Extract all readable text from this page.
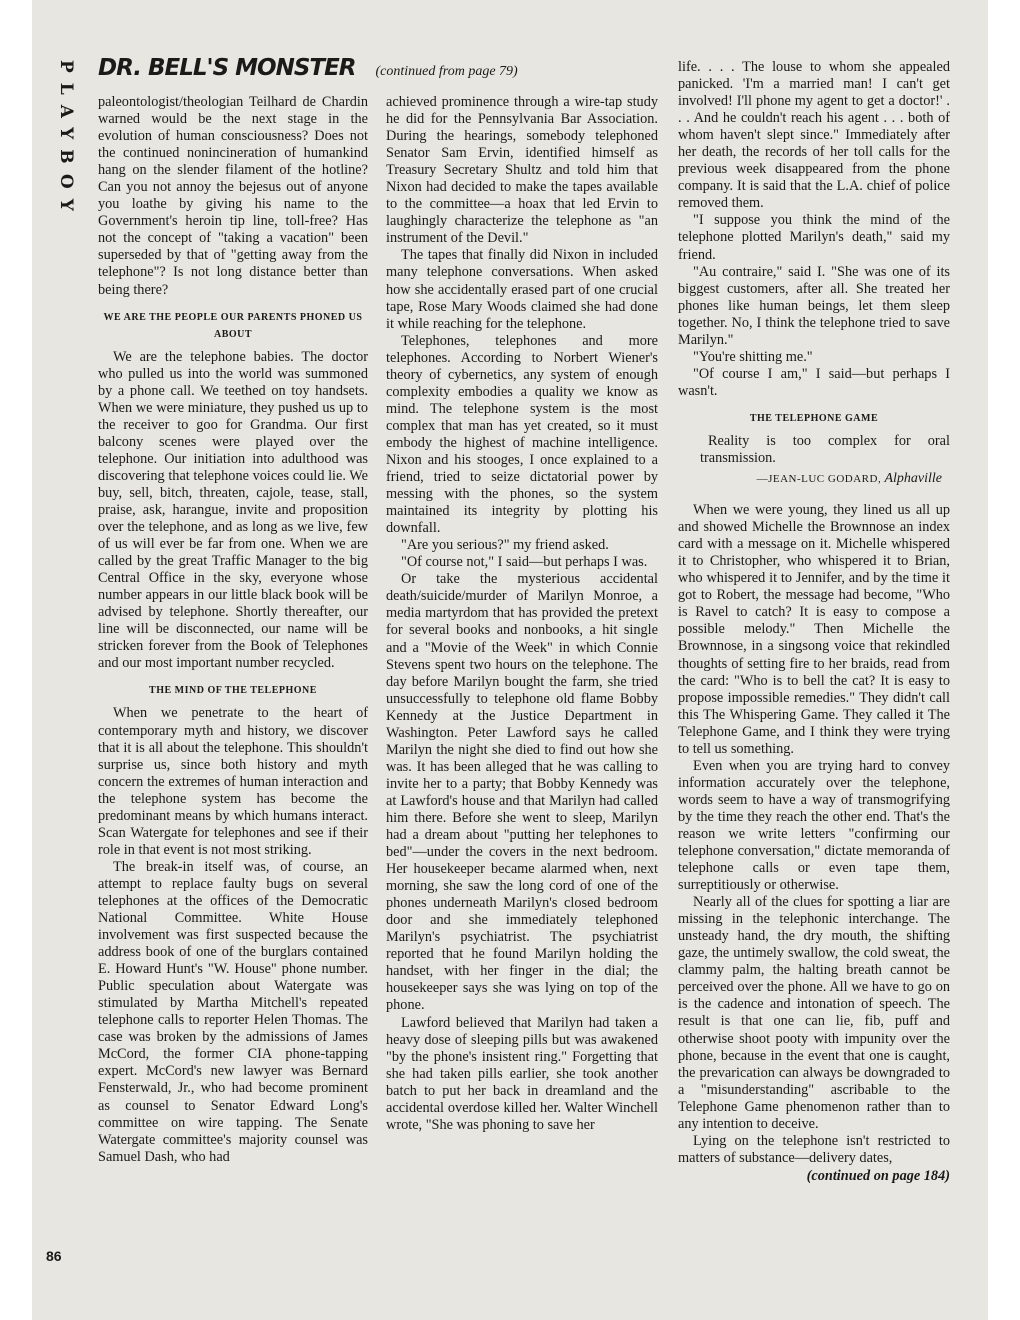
PLAYBOY DR. BELL'S MONSTER (continued from page 79)

paleontologist/theologian Teilhard de Chardin warned would be the next stage in the evolution of human consciousness? Does not the continued nonincineration of humankind hang on the slender filament of the hotline? Can you not annoy the bejesus out of anyone you loathe by giving his name to the Government's heroin tip line, toll-free? Has not the concept of "taking a vacation" been superseded by that of "getting away from the telephone"? Is not long distance better than being there?

WE ARE THE PEOPLE OUR PARENTS PHONED US ABOUT

We are the telephone babies. The doctor who pulled us into the world was summoned by a phone call. We teethed on toy handsets. When we were miniature, they pushed us up to the receiver to goo for Grandma. Our first balcony scenes were played over the telephone. Our initiation into adulthood was discovering that telephone voices could lie. We buy, sell, bitch, threaten, cajole, tease, stall, praise, ask, harangue, invite and proposition over the telephone, and as long as we live, few of us will ever be far from one. When we are called by the great Traffic Manager to the big Central Office in the sky, everyone whose number appears in our little black book will be advised by telephone. Shortly thereafter, our line will be disconnected, our name will be stricken forever from the Book of Telephones and our most important number recycled.

THE MIND OF THE TELEPHONE

When we penetrate to the heart of contemporary myth and history, we discover that it is all about the telephone. This shouldn't surprise us, since both history and myth concern the extremes of human interaction and the telephone system has become the predominant means by which humans interact. Scan Watergate for telephones and see if their role in that event is not most striking.

The break-in itself was, of course, an attempt to replace faulty bugs on several telephones at the offices of the Democratic National Committee. White House involvement was first suspected because the address book of one of the burglars contained E. Howard Hunt's "W. House" phone number. Public speculation about Watergate was stimulated by Martha Mitchell's repeated telephone calls to reporter Helen Thomas. The case was broken by the admissions of James McCord, the former CIA phone-tapping expert. McCord's new lawyer was Bernard Fensterwald, Jr., who had become prominent as counsel to Senator Edward Long's committee on wire tapping. The Senate Watergate committee's majority counsel was Samuel Dash, who had

achieved prominence through a wire-tap study he did for the Pennsylvania Bar Association. During the hearings, somebody telephoned Senator Sam Ervin, identified himself as Treasury Secretary Shultz and told him that Nixon had decided to make the tapes available to the committee—a hoax that led Ervin to laughingly characterize the telephone as "an instrument of the Devil."

The tapes that finally did Nixon in included many telephone conversations. When asked how she accidentally erased part of one crucial tape, Rose Mary Woods claimed she had done it while reaching for the telephone.

Telephones, telephones and more telephones. According to Norbert Wiener's theory of cybernetics, any system of enough complexity embodies a quality we know as mind. The telephone system is the most complex that man has yet created, so it must embody the highest of machine intelligence. Nixon and his stooges, I once explained to a friend, tried to seize dictatorial power by messing with the phones, so the system maintained its integrity by plotting his downfall.

"Are you serious?" my friend asked.

"Of course not," I said—but perhaps I was.

Or take the mysterious accidental death/suicide/murder of Marilyn Monroe, a media martyrdom that has provided the pretext for several books and nonbooks, a hit single and a "Movie of the Week" in which Connie Stevens spent two hours on the telephone. The day before Marilyn bought the farm, she tried unsuccessfully to telephone old flame Bobby Kennedy at the Justice Department in Washington. Peter Lawford says he called Marilyn the night she died to find out how she was. It has been alleged that he was calling to invite her to a party; that Bobby Kennedy was at Lawford's house and that Marilyn had called him there. Before she went to sleep, Marilyn had a dream about "putting her telephones to bed"—under the covers in the next bedroom. Her housekeeper became alarmed when, next morning, she saw the long cord of one of the phones underneath Marilyn's closed bedroom door and she immediately telephoned Marilyn's psychiatrist. The psychiatrist reported that he found Marilyn holding the handset, with her finger in the dial; the housekeeper says she was lying on top of the phone.

Lawford believed that Marilyn had taken a heavy dose of sleeping pills but was awakened "by the phone's insistent ring." Forgetting that she had taken pills earlier, she took another batch to put her back in dreamland and the accidental overdose killed her. Walter Winchell wrote, "She was phoning to save her

life. . . . The louse to whom she appealed panicked. 'I'm a married man! I can't get involved! I'll phone my agent to get a doctor!' . . . And he couldn't reach his agent . . . both of whom haven't slept since." Immediately after her death, the records of her toll calls for the previous week disappeared from the phone company. It is said that the L.A. chief of police removed them.

"I suppose you think the mind of the telephone plotted Marilyn's death," said my friend.

"Au contraire," said I. "She was one of its biggest customers, after all. She treated her phones like human beings, let them sleep together. No, I think the telephone tried to save Marilyn."

"You're shitting me."

"Of course I am," I said—but perhaps I wasn't.

THE TELEPHONE GAME

Reality is too complex for oral transmission.

—JEAN-LUC GODARD, Alphaville

When we were young, they lined us all up and showed Michelle the Brownnose an index card with a message on it. Michelle whispered it to Christopher, who whispered it to Brian, who whispered it to Jennifer, and by the time it got to Robert, the message had become, "Who is Ravel to catch? It is easy to compose a possible melody." Then Michelle the Brownnose, in a singsong voice that rekindled thoughts of setting fire to her braids, read from the card: "Who is to bell the cat? It is easy to propose impossible remedies." They didn't call this The Whispering Game. They called it The Telephone Game, and I think they were trying to tell us something.

Even when you are trying hard to convey information accurately over the telephone, words seem to have a way of transmogrifying by the time they reach the other end. That's the reason we write letters "confirming our telephone conversation," dictate memoranda of telephone calls or even tape them, surreptitiously or otherwise.

Nearly all of the clues for spotting a liar are missing in the telephonic interchange. The unsteady hand, the dry mouth, the shifting gaze, the untimely swallow, the cold sweat, the clammy palm, the halting breath cannot be perceived over the phone. All we have to go on is the cadence and intonation of speech. The result is that one can lie, fib, puff and otherwise shoot pooty with impunity over the phone, because in the event that one is caught, the prevarication can always be downgraded to a "misunderstanding" ascribable to the Telephone Game phenomenon rather than to any intention to deceive.

Lying on the telephone isn't restricted to matters of substance—delivery dates,

(continued on page 184)
86
